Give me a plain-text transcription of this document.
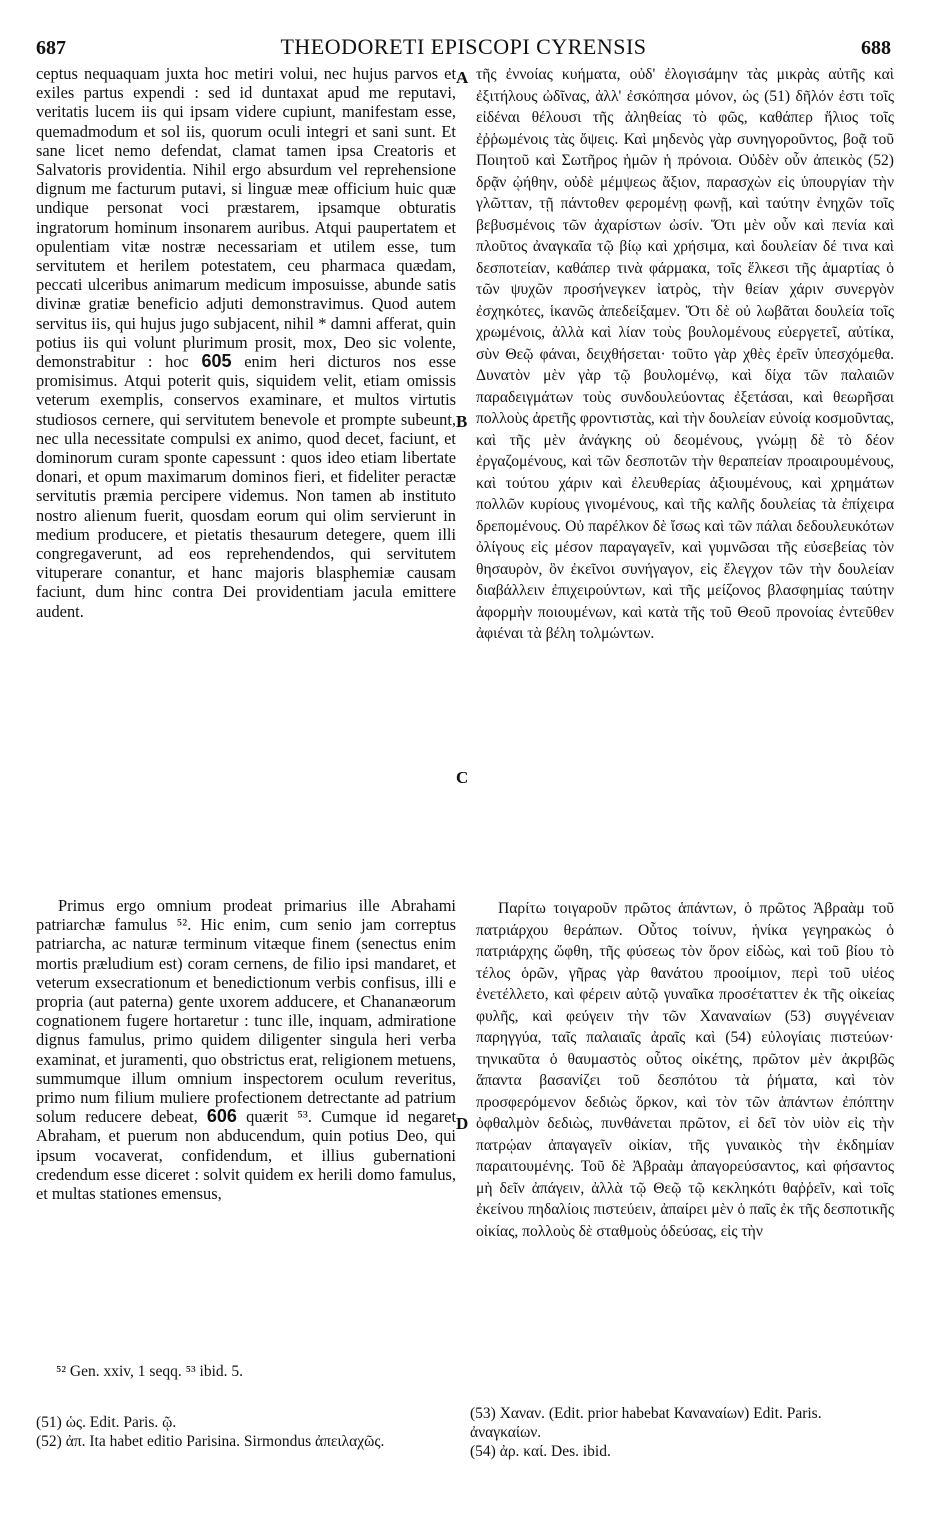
687	THEODORETI EPISCOPI CYRENSIS	688

ceptus nequaquam juxta hoc metiri volui, nec hujus parvos et exiles partus expendi : sed id duntaxat apud me reputavi, veritatis lucem iis qui ipsam videre cupiunt, manifestam esse, quemadmodum et sol iis, quorum oculi integri et sani sunt. Et sane licet nemo defendat, clamat tamen ipsa Creatoris et Salvatoris providentia. Nihil ergo absurdum vel reprehensione dignum me facturum putavi, si linguæ meæ officium huic quæ undique personat voci præstarem, ipsamque obturatis ingratorum hominum insonarem auribus. Atqui paupertatem et opulentiam vitæ nostræ necessariam et utilem esse, tum servitutem et herilem potestatem, ceu pharmaca quædam, peccati ulceribus animarum medicum imposuisse, abunde satis divinæ gratiæ beneficio adjuti demonstravimus. Quod autem servitus iis, qui hujus jugo subjacent, nihil * damni afferat, quin potius iis qui volunt plurimum prosit, mox, Deo sic volente, demonstrabitur : hoc 605 enim heri dicturos nos esse promisimus. Atqui poterit quis, siquidem velit, etiam omissis veterum exemplis, conservos examinare, et multos virtutis studiosos cernere, qui servitutem benevole et prompte subeunt, nec ulla necessitate compulsi ex animo, quod decet, faciunt, et dominorum curam sponte capessunt : quos ideo etiam libertate donari, et opum maximarum dominos fieri, et fideliter peractæ servitutis præmia percipere videmus. Non tamen ab instituto nostro alienum fuerit, quosdam eorum qui olim servierunt in medium producere, et pietatis thesaurum detegere, quem illi congregaverunt, ad eos reprehendendos, qui servitutem vituperare conantur, et hanc majoris blasphemiæ causam faciunt, dum hinc contra Dei providentiam jacula emittere audent.

Primus ergo omnium prodeat primarius ille Abrahami patriarchæ famulus ⁵². Hic enim, cum senio jam correptus patriarcha, ac naturæ terminum vitæque finem (senectus enim mortis præludium est) coram cernens, de filio ipsi mandaret, et veterum exsecrationum et benedictionum verbis confisus, illi e propria (aut paterna) gente uxorem adducere, et Chananæorum cognationem fugere hortaretur : tunc ille, inquam, admiratione dignus famulus, primo quidem diligenter singula heri verba examinat, et juramenti, quo obstrictus erat, religionem metuens, summumque illum omnium inspectorem oculum reveritus, primo num filium muliere profectionem detrectante ad patrium solum reducere debeat, 606 quærit ⁵³. Cumque id negaret Abraham, et puerum non abducendum, quin potius Deo, qui ipsum vocaverat, confidendum, et illius gubernationi credendum esse diceret : solvit quidem ex herili domo famulus, et multas stationes emensus,

A
B
C
D

τῆς ἐννοίας κυήματα, οὐδ' ἐλογισάμην τὰς μικρὰς αὐτῆς καὶ ἐξιτήλους ὠδῖνας, ἀλλ' ἐσκόπησα μόνον, ὡς (51) δῆλόν ἐστι τοῖς εἰδέναι θέλουσι τῆς ἀληθείας τὸ φῶς, καθάπερ ἥλιος τοῖς ἐῤῥωμένοις τὰς ὄψεις. Καὶ μηδενὸς γὰρ συνηγοροῦντος, βοᾷ τοῦ Ποιητοῦ καὶ Σωτῆρος ἡμῶν ἡ πρόνοια. Οὐδὲν οὖν ἀπεικὸς (52) δρᾷν ᾠήθην, οὐδὲ μέμψεως ἄξιον, παρασχὼν εἰς ὑπουργίαν τὴν γλῶτταν, τῇ πάντοθεν φερομένῃ φωνῇ, καὶ ταύτην ἐνηχῶν τοῖς βεβυσμένοις τῶν ἀχαρίστων ὠσίν. Ὅτι μὲν οὖν καὶ πενία καὶ πλοῦτος ἀναγκαῖα τῷ βίῳ καὶ χρήσιμα, καὶ δουλείαν δέ τινα καὶ δεσποτείαν, καθάπερ τινὰ φάρμακα, τοῖς ἕλκεσι τῆς ἁμαρτίας ὁ τῶν ψυχῶν προσήνεγκεν ἰατρὸς, τὴν θείαν χάριν συνεργὸν ἐσχηκότες, ἱκανῶς ἀπεδείξαμεν. Ὅτι δὲ οὐ λωβᾶται δουλεία τοῖς χρωμένοις, ἀλλὰ καὶ λίαν τοὺς βουλομένους εὐεργετεῖ, αὐτίκα, σὺν Θεῷ φάναι, δειχθήσεται· τοῦτο γὰρ χθὲς ἐρεῖν ὑπεσχόμεθα. Δυνατὸν μὲν γὰρ τῷ βουλομένῳ, καὶ δίχα τῶν παλαιῶν παραδειγμάτων τοὺς συνδουλεύοντας ἐξετάσαι, καὶ θεωρῆσαι πολλοὺς ἀρετῆς φροντιστὰς, καὶ τὴν δουλείαν εὐνοίᾳ κοσμοῦντας, καὶ τῆς μὲν ἀνάγκης οὐ δεομένους, γνώμῃ δὲ τὸ δέον ἐργαζομένους, καὶ τῶν δεσποτῶν τὴν θεραπείαν προαιρουμένους, καὶ τούτου χάριν καὶ ἐλευθερίας ἀξιουμένους, καὶ χρημάτων πολλῶν κυρίους γινομένους, καὶ τῆς καλῆς δουλείας τὰ ἐπίχειρα δρεπομένους. Οὐ παρέλκον δὲ ἴσως καὶ τῶν πάλαι δεδουλευκότων ὀλίγους εἰς μέσον παραγαγεῖν, καὶ γυμνῶσαι τῆς εὐσεβείας τὸν θησαυρὸν, ὃν ἐκεῖνοι συνήγαγον, εἰς ἔλεγχον τῶν τὴν δουλείαν διαβάλλειν ἐπιχειρούντων, καὶ τῆς μείζονος βλασφημίας ταύτην ἀφορμὴν ποιουμένων, καὶ κατὰ τῆς τοῦ Θεοῦ προνοίας ἐντεῦθεν ἀφιέναι τὰ βέλη τολμώντων.

Παρίτω τοιγαροῦν πρῶτος ἁπάντων, ὁ πρῶτος Ἀβραὰμ τοῦ πατριάρχου θεράπων. Οὗτος τοίνυν, ἡνίκα γεγηρακὼς ὁ πατριάρχης ὤφθη, τῆς φύσεως τὸν ὅρον εἰδὼς, καὶ τοῦ βίου τὸ τέλος ὁρῶν, γῆρας γὰρ θανάτου προοίμιον, περὶ τοῦ υἱέος ἐνετέλλετο, καὶ φέρειν αὐτῷ γυναῖκα προσέταττεν ἐκ τῆς οἰκείας φυλῆς, καὶ φεύγειν τὴν τῶν Χαναναίων (53) συγγένειαν παρηγγύα, ταῖς παλαιαῖς ἀραῖς καὶ (54) εὐλογίαις πιστεύων· τηνικαῦτα ὁ θαυμαστὸς οὗτος οἰκέτης, πρῶτον μὲν ἀκριβῶς ἅπαντα βασανίζει τοῦ δεσπότου τὰ ῥήματα, καὶ τὸν προσφερόμενον δεδιὼς ὅρκον, καὶ τὸν τῶν ἁπάντων ἐπόπτην ὀφθαλμὸν δεδιὼς, πυνθάνεται πρῶτον, εἰ δεῖ τὸν υἱὸν εἰς τὴν πατρῴαν ἀπαγαγεῖν οἰκίαν, τῆς γυναικὸς τὴν ἐκδημίαν παραιτουμένης. Τοῦ δὲ Ἀβραὰμ ἀπαγορεύσαντος, καὶ φήσαντος μὴ δεῖν ἀπάγειν, ἀλλὰ τῷ Θεῷ τῷ κεκληκότι θαῤῥεῖν, καὶ τοῖς ἐκείνου πηδαλίοις πιστεύειν, ἀπαίρει μὲν ὁ παῖς ἐκ τῆς δεσποτικῆς οἰκίας, πολλοὺς δὲ σταθμοὺς ὁδεύσας, εἰς τὴν

⁵² Gen. xxiv, 1 seqq. ⁵³ ibid. 5.

(51) ὡς. Edit. Paris. ῷ.

(52) ἀπ. Ita habet editio Parisina. Sirmondus ἀπειλαχῶς.

(53) Χαναν. (Edit. prior habebat Καναναίων) Edit. Paris. ἀναγκαίων.

(54) ἀρ. καί. Des. ibid.
